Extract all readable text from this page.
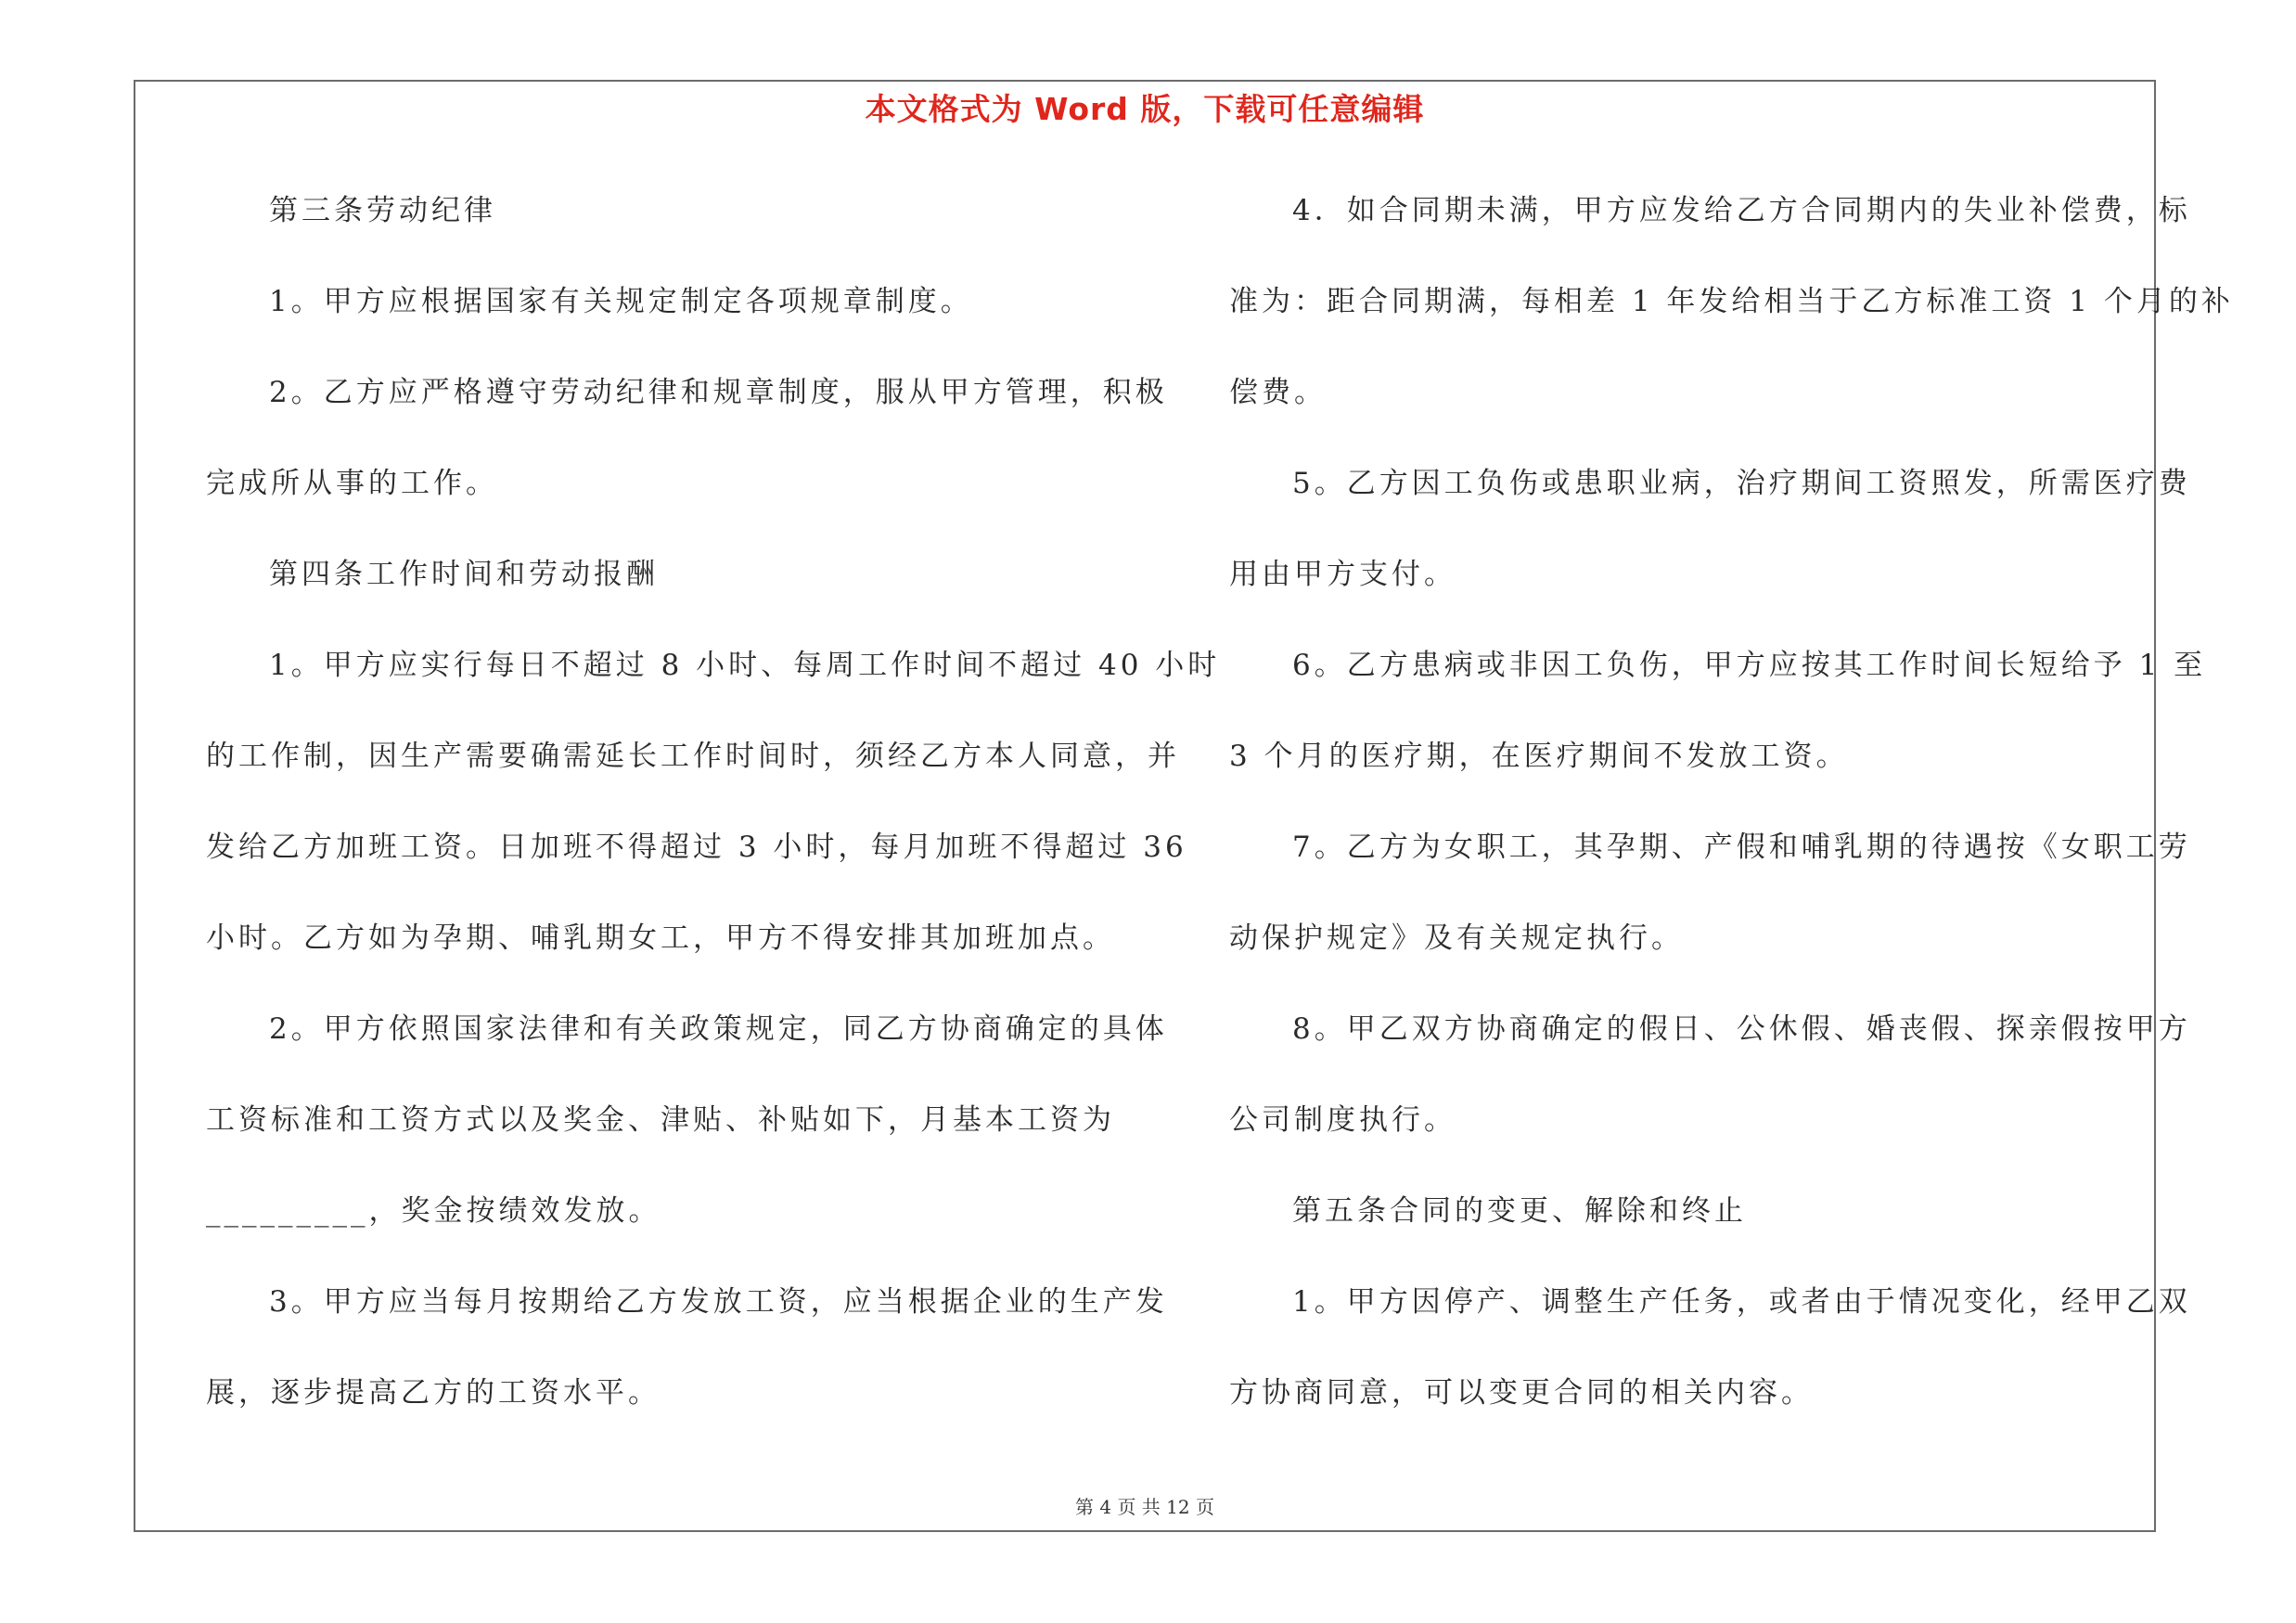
本文格式为 Word 版，下载可任意编辑
第三条劳动纪律
1。甲方应根据国家有关规定制定各项规章制度。
2。乙方应严格遵守劳动纪律和规章制度，服从甲方管理，积极
完成所从事的工作。
第四条工作时间和劳动报酬
1。甲方应实行每日不超过 8 小时、每周工作时间不超过 40 小时
的工作制，因生产需要确需延长工作时间时，须经乙方本人同意，并
发给乙方加班工资。日加班不得超过 3 小时，每月加班不得超过 36
小时。乙方如为孕期、哺乳期女工，甲方不得安排其加班加点。
2。甲方依照国家法律和有关政策规定，同乙方协商确定的具体
工资标准和工资方式以及奖金、津贴、补贴如下，月基本工资为
_________，奖金按绩效发放。
3。甲方应当每月按期给乙方发放工资，应当根据企业的生产发
展，逐步提高乙方的工资水平。
4．如合同期未满，甲方应发给乙方合同期内的失业补偿费，标
准为：距合同期满，每相差 1 年发给相当于乙方标准工资 1 个月的补
偿费。
5。乙方因工负伤或患职业病，治疗期间工资照发，所需医疗费
用由甲方支付。
6。乙方患病或非因工负伤，甲方应按其工作时间长短给予 1 至
3 个月的医疗期，在医疗期间不发放工资。
7。乙方为女职工，其孕期、产假和哺乳期的待遇按《女职工劳
动保护规定》及有关规定执行。
8。甲乙双方协商确定的假日、公休假、婚丧假、探亲假按甲方
公司制度执行。
第五条合同的变更、解除和终止
1。甲方因停产、调整生产任务，或者由于情况变化，经甲乙双
方协商同意，可以变更合同的相关内容。
第 4 页 共 12 页
